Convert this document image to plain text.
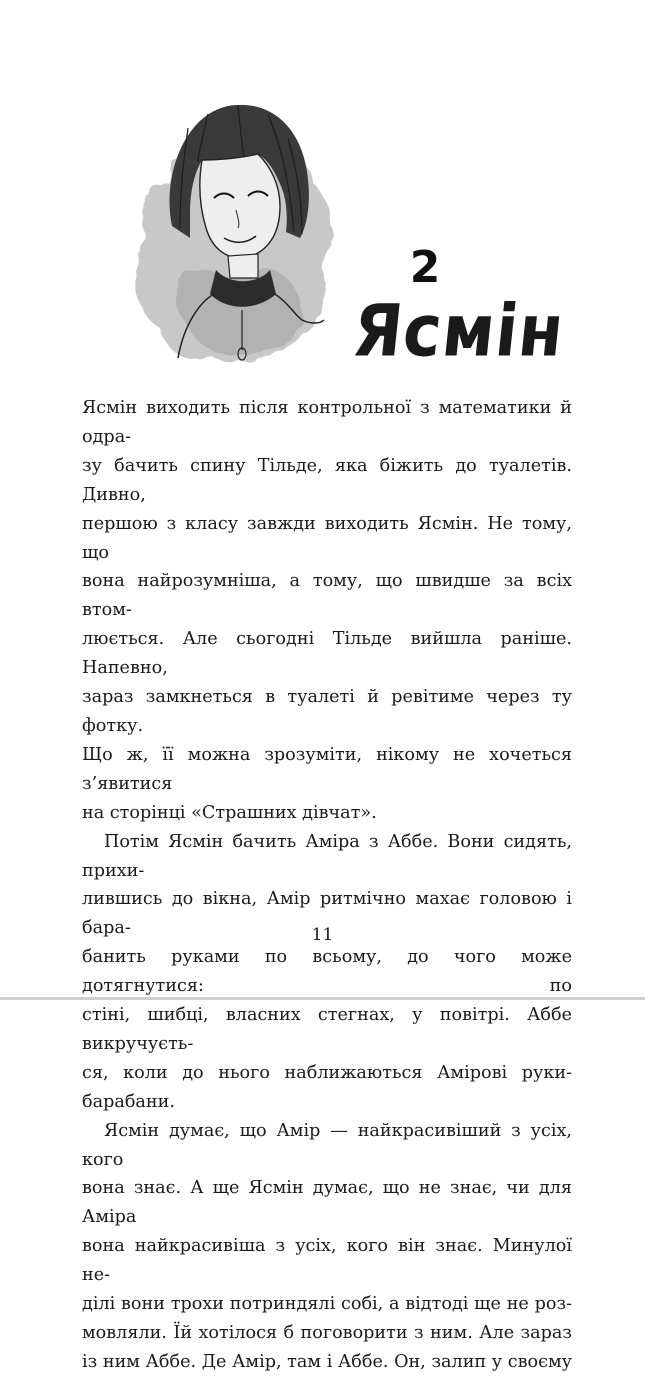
2
Ясмін

Ясмін виходить після контрольної з математики й одра-

зу бачить спину Тільде, яка біжить до туалетів. Дивно,

першою з класу завжди виходить Ясмін. Не тому, що

вона найрозумніша, а тому, що швидше за всіх втом-

люється. Але сьогодні Тільде вийшла раніше. Напевно,

зараз замкнеться в туалеті й ревітиме через ту фотку.

Що ж, її можна зрозуміти, нікому не хочеться з’явитися

на сторінці «Страшних дівчат».

Потім Ясмін бачить Аміра з Аббе. Вони сидять, прихи-

лившись до вікна, Амір ритмічно махає головою і бара-

банить руками по всьому, до чого може дотягнутися: по

стіні, шибці, власних стегнах, у повітрі. Аббе викручуєть-

ся, коли до нього наближаються Амірові руки-барабани.

Ясмін думає, що Амір — найкрасивіший з усіх, кого

вона знає. А ще Ясмін думає, що не знає, чи для Аміра

вона найкрасивіша з усіх, кого він знає. Минулої не-

ділі вони трохи потриндялі собі, а відтоді ще не роз-

мовляли. Їй хотілося б поговорити з ним. Але зараз

із ним Аббе. Де Амір, там і Аббе. Он, залип у своєму

11
